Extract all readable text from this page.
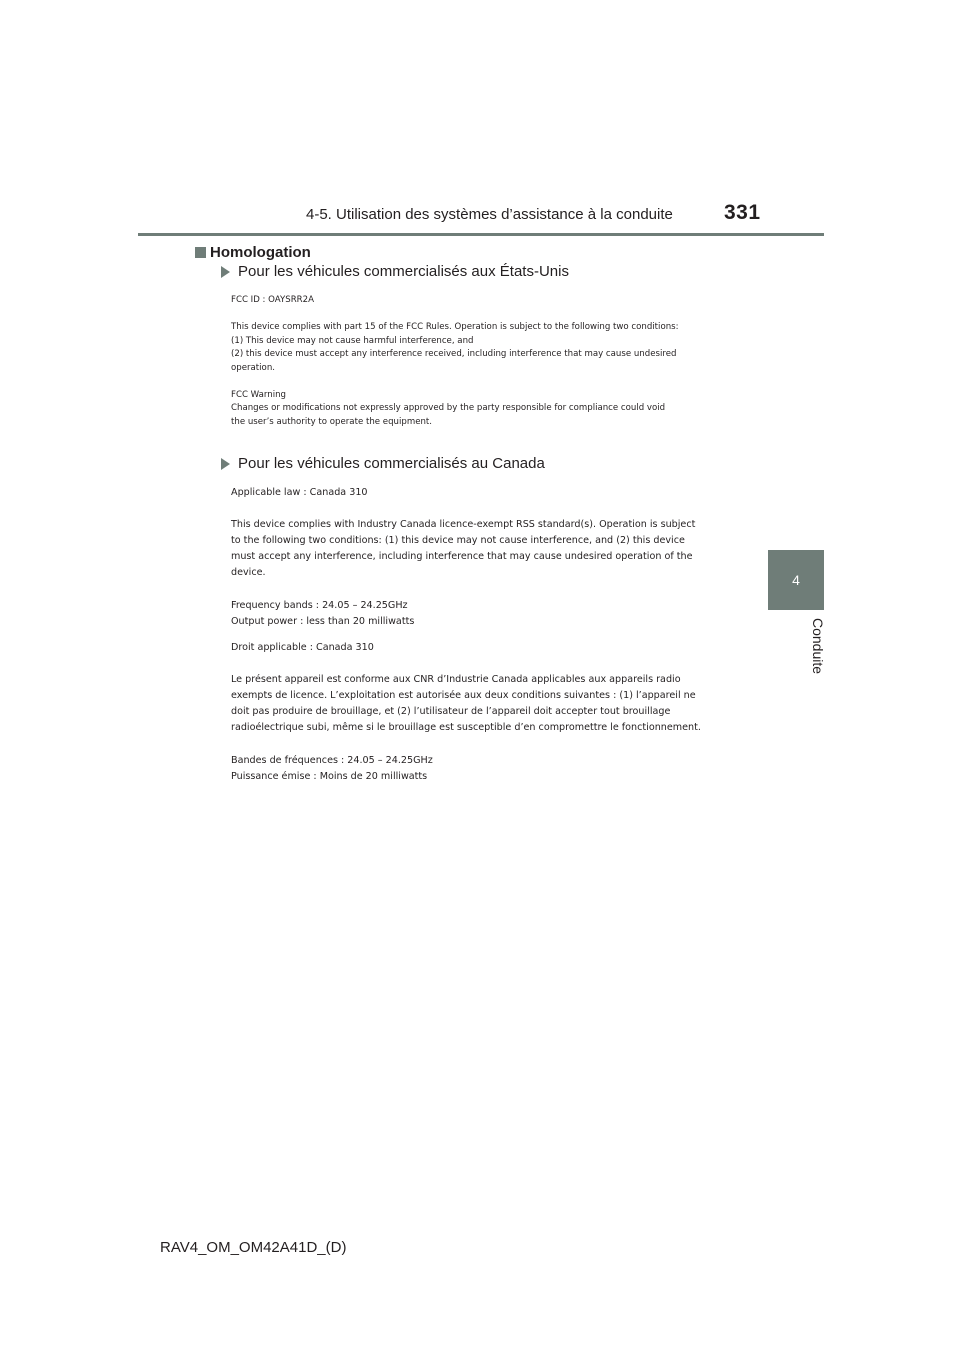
4-5. Utilisation des systèmes d’assistance à la conduite	331
4
Conduite
Homologation
Pour les véhicules commercialisés aux États-Unis

FCC ID : OAYSRR2A

This device complies with part 15 of the FCC Rules. Operation is subject to the following two conditions:

(1) This device may not cause harmful interference, and

(2) this device must accept any interference received, including interference that may cause undesired

operation.

FCC Warning

Changes or modifications not expressly approved by the party responsible for compliance could void

the user’s authority to operate the equipment.

Pour les véhicules commercialisés au Canada

Applicable law : Canada 310

This device complies with Industry Canada licence-exempt RSS standard(s). Operation is subject

to the following two conditions: (1) this device may not cause interference, and (2) this device

must accept any interference, including interference that may cause undesired operation of the

device.

Frequency bands : 24.05 – 24.25GHz

Output power : less than 20 milliwatts

Droit applicable : Canada 310

Le présent appareil est conforme aux CNR d’Industrie Canada applicables aux appareils radio

exempts de licence. L’exploitation est autorisée aux deux conditions suivantes : (1) l’appareil ne

doit pas produire de brouillage, et (2) l’utilisateur de l’appareil doit accepter tout brouillage

radioélectrique subi, même si le brouillage est susceptible d’en compromettre le fonctionnement.

Bandes de fréquences : 24.05 – 24.25GHz

Puissance émise : Moins de 20 milliwatts

RAV4_OM_OM42A41D_(D)
